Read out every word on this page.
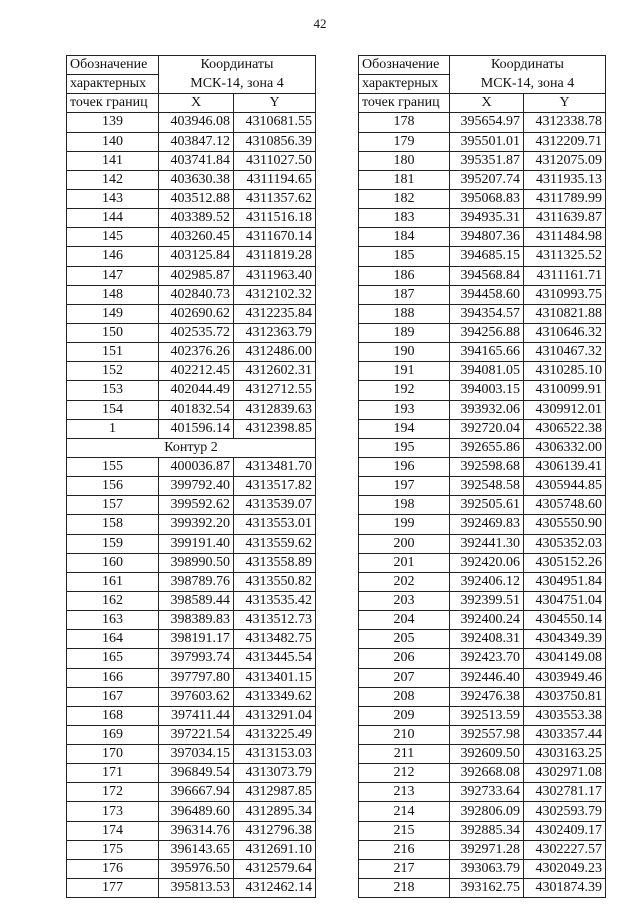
42
Обозначение	Координаты	
характерных	МСК-14, зона 4	
точек границ	X	Y
139	403946.08	4310681.55
140	403847.12	4310856.39
141	403741.84	4311027.50
142	403630.38	4311194.65
143	403512.88	4311357.62
144	403389.52	4311516.18
145	403260.45	4311670.14
146	403125.84	4311819.28
147	402985.87	4311963.40
148	402840.73	4312102.32
149	402690.62	4312235.84
150	402535.72	4312363.79
151	402376.26	4312486.00
152	402212.45	4312602.31
153	402044.49	4312712.55
154	401832.54	4312839.63
1	401596.14	4312398.85
Контур 2		
155	400036.87	4313481.70
156	399792.40	4313517.82
157	399592.62	4313539.07
158	399392.20	4313553.01
159	399191.40	4313559.62
160	398990.50	4313558.89
161	398789.76	4313550.82
162	398589.44	4313535.42
163	398389.83	4313512.73
164	398191.17	4313482.75
165	397993.74	4313445.54
166	397797.80	4313401.15
167	397603.62	4313349.62
168	397411.44	4313291.04
169	397221.54	4313225.49
170	397034.15	4313153.03
171	396849.54	4313073.79
172	396667.94	4312987.85
173	396489.60	4312895.34
174	396314.76	4312796.38
175	396143.65	4312691.10
176	395976.50	4312579.64
177	395813.53	4312462.14
Обозначение	Координаты	
характерных	МСК-14, зона 4	
точек границ	X	Y
178	395654.97	4312338.78
179	395501.01	4312209.71
180	395351.87	4312075.09
181	395207.74	4311935.13
182	395068.83	4311789.99
183	394935.31	4311639.87
184	394807.36	4311484.98
185	394685.15	4311325.52
186	394568.84	4311161.71
187	394458.60	4310993.75
188	394354.57	4310821.88
189	394256.88	4310646.32
190	394165.66	4310467.32
191	394081.05	4310285.10
192	394003.15	4310099.91
193	393932.06	4309912.01
194	392720.04	4306522.38
195	392655.86	4306332.00
196	392598.68	4306139.41
197	392548.58	4305944.85
198	392505.61	4305748.60
199	392469.83	4305550.90
200	392441.30	4305352.03
201	392420.06	4305152.26
202	392406.12	4304951.84
203	392399.51	4304751.04
204	392400.24	4304550.14
205	392408.31	4304349.39
206	392423.70	4304149.08
207	392446.40	4303949.46
208	392476.38	4303750.81
209	392513.59	4303553.38
210	392557.98	4303357.44
211	392609.50	4303163.25
212	392668.08	4302971.08
213	392733.64	4302781.17
214	392806.09	4302593.79
215	392885.34	4302409.17
216	392971.28	4302227.57
217	393063.79	4302049.23
218	393162.75	4301874.39
